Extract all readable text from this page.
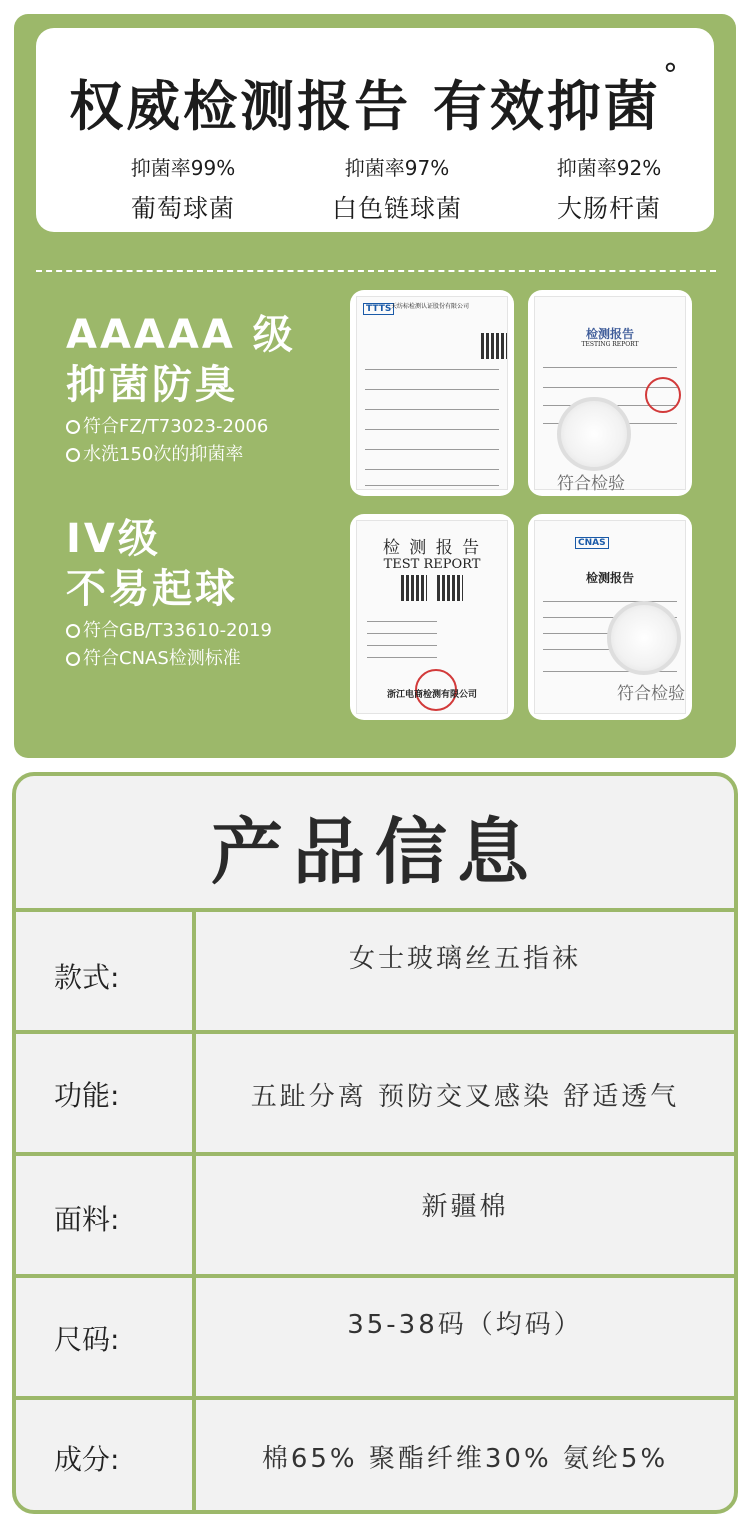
权威检测报告 有效抑菌°
抑菌率99%
葡萄球菌
抑菌率97%
白色链球菌
抑菌率92%
大肠杆菌
AAAAA 级
抑菌防臭
符合FZ/T73023-2006
水洗150次的抑菌率
IV级
不易起球
符合GB/T33610-2019
符合CNAS检测标准
TTTS 天纺标检测认证股份有限公司
检测报告
TESTING REPORT
符合检验
检 测 报 告
TEST REPORT
浙江电商检测有限公司
CNAS
检测报告
符合检验
产品信息
款式:
女士玻璃丝五指袜
功能:	五趾分离 预防交叉感染 舒适透气
面料:	新疆棉
尺码:	35-38码（均码）
成分:	棉65% 聚酯纤维30% 氨纶5%
